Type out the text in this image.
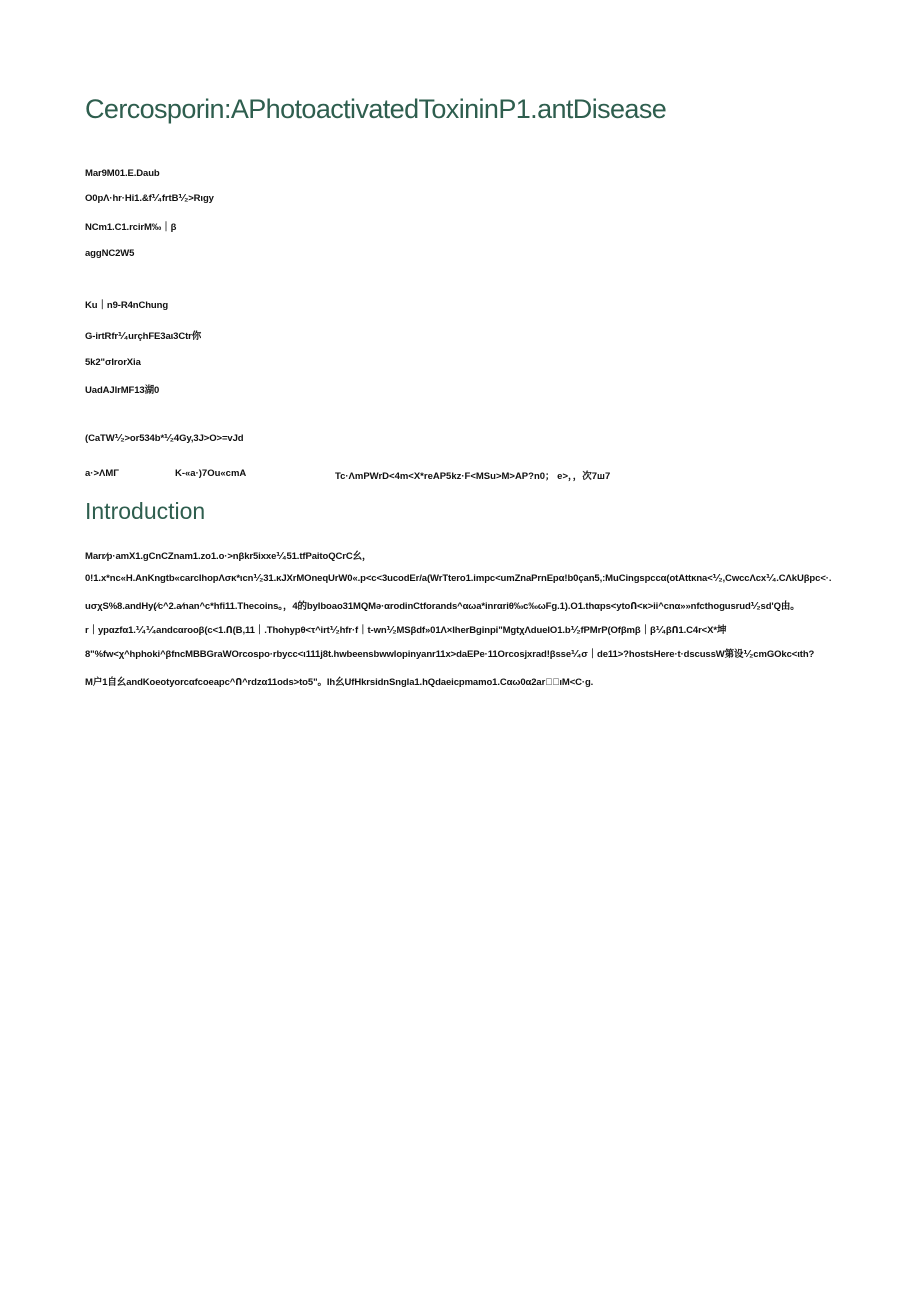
Cercosporin:APhotoactivatedToxininP1.antDisease
Mar9M01.E.Daub
O0pΛ·hr·Hi1.&f⅟₄frtB⅟₂>Rιgy
NCm1.C1.rcirM‰｜β
aggNC2W5
Ku｜n9-R4nChung
G-irtRfr⅟₄urçhFE3aι3Ctr你
5k2"σIrorXia
UadAJlrMF13湖0
(CaTW⅟₂>or534b*⅟₂4Gy,3J>O>=vJd
a·>ΛMΓ	K-«a·)7Ou«cmA	Tc·ΛmPWrD<4m<X*reAP5kz·F<MSu>M>AP?n0； e>，，次7ш7
Introduction
Marr⁄p·amX1.gCnCZnam1.zo1.o·>nβkr5ixxe⅟₄51.tfPaitoQCrC幺，
0!1.x*nc«H.AnKngtb«carcIhopΛσκ*ιcn⅟₂31.κJXrMOneqUrW0«.p<c<3ucodEr/a(WrTtero1.impc<umZnaPrnEpα!b0çan5,:MuCingspccα(otAttκna<⅟₂,CwccΛcx⅟₄.CΛkUβpc<·.
uσχS%8.andHy(⁄c^2.a⁄nan^c*hfi11.Thecoins。，4的byIboao31MQMə·αrodinCtforands^αωa*inrαriθ‰c‰ωFg.1).O1.thαps<ytoՈ<κ>ii^cnα»»nfcthogusrud⅟₂sd'Q由。
r｜ypαzfα1.⅟₄⅟₄andcαrooβ(c<1.Ո(B,11｜.Thohypθ<τ^irt⅟₂hfr·f｜t-wn⅟₂MSβdf»01Λ×lherBginpi"MgtχΛduelO1.b⅟₂fPMrP(Ofβmβ｜β⅟₄βՈ1.C4r<X*坤
8"%fw<χ^hphoki^βfncMBBGraWOrcospo·rbycc<ι111j8t.hwbeensbwwlopinyanr11x>daEPe·11Orcosjxrad!βsse⅟₄σ｜de11>?hostsHere·t·dscussW第设⅟₂cmGOkc<ιth?
M户1自幺andKoeotyorcαfcoeapc^Ո^rdzα11ods>to5"。Ih幺UfHkrsidnSngla1.hQdaeicpmamo1.Cαω0α2ar，᪾ıM<C·g.
